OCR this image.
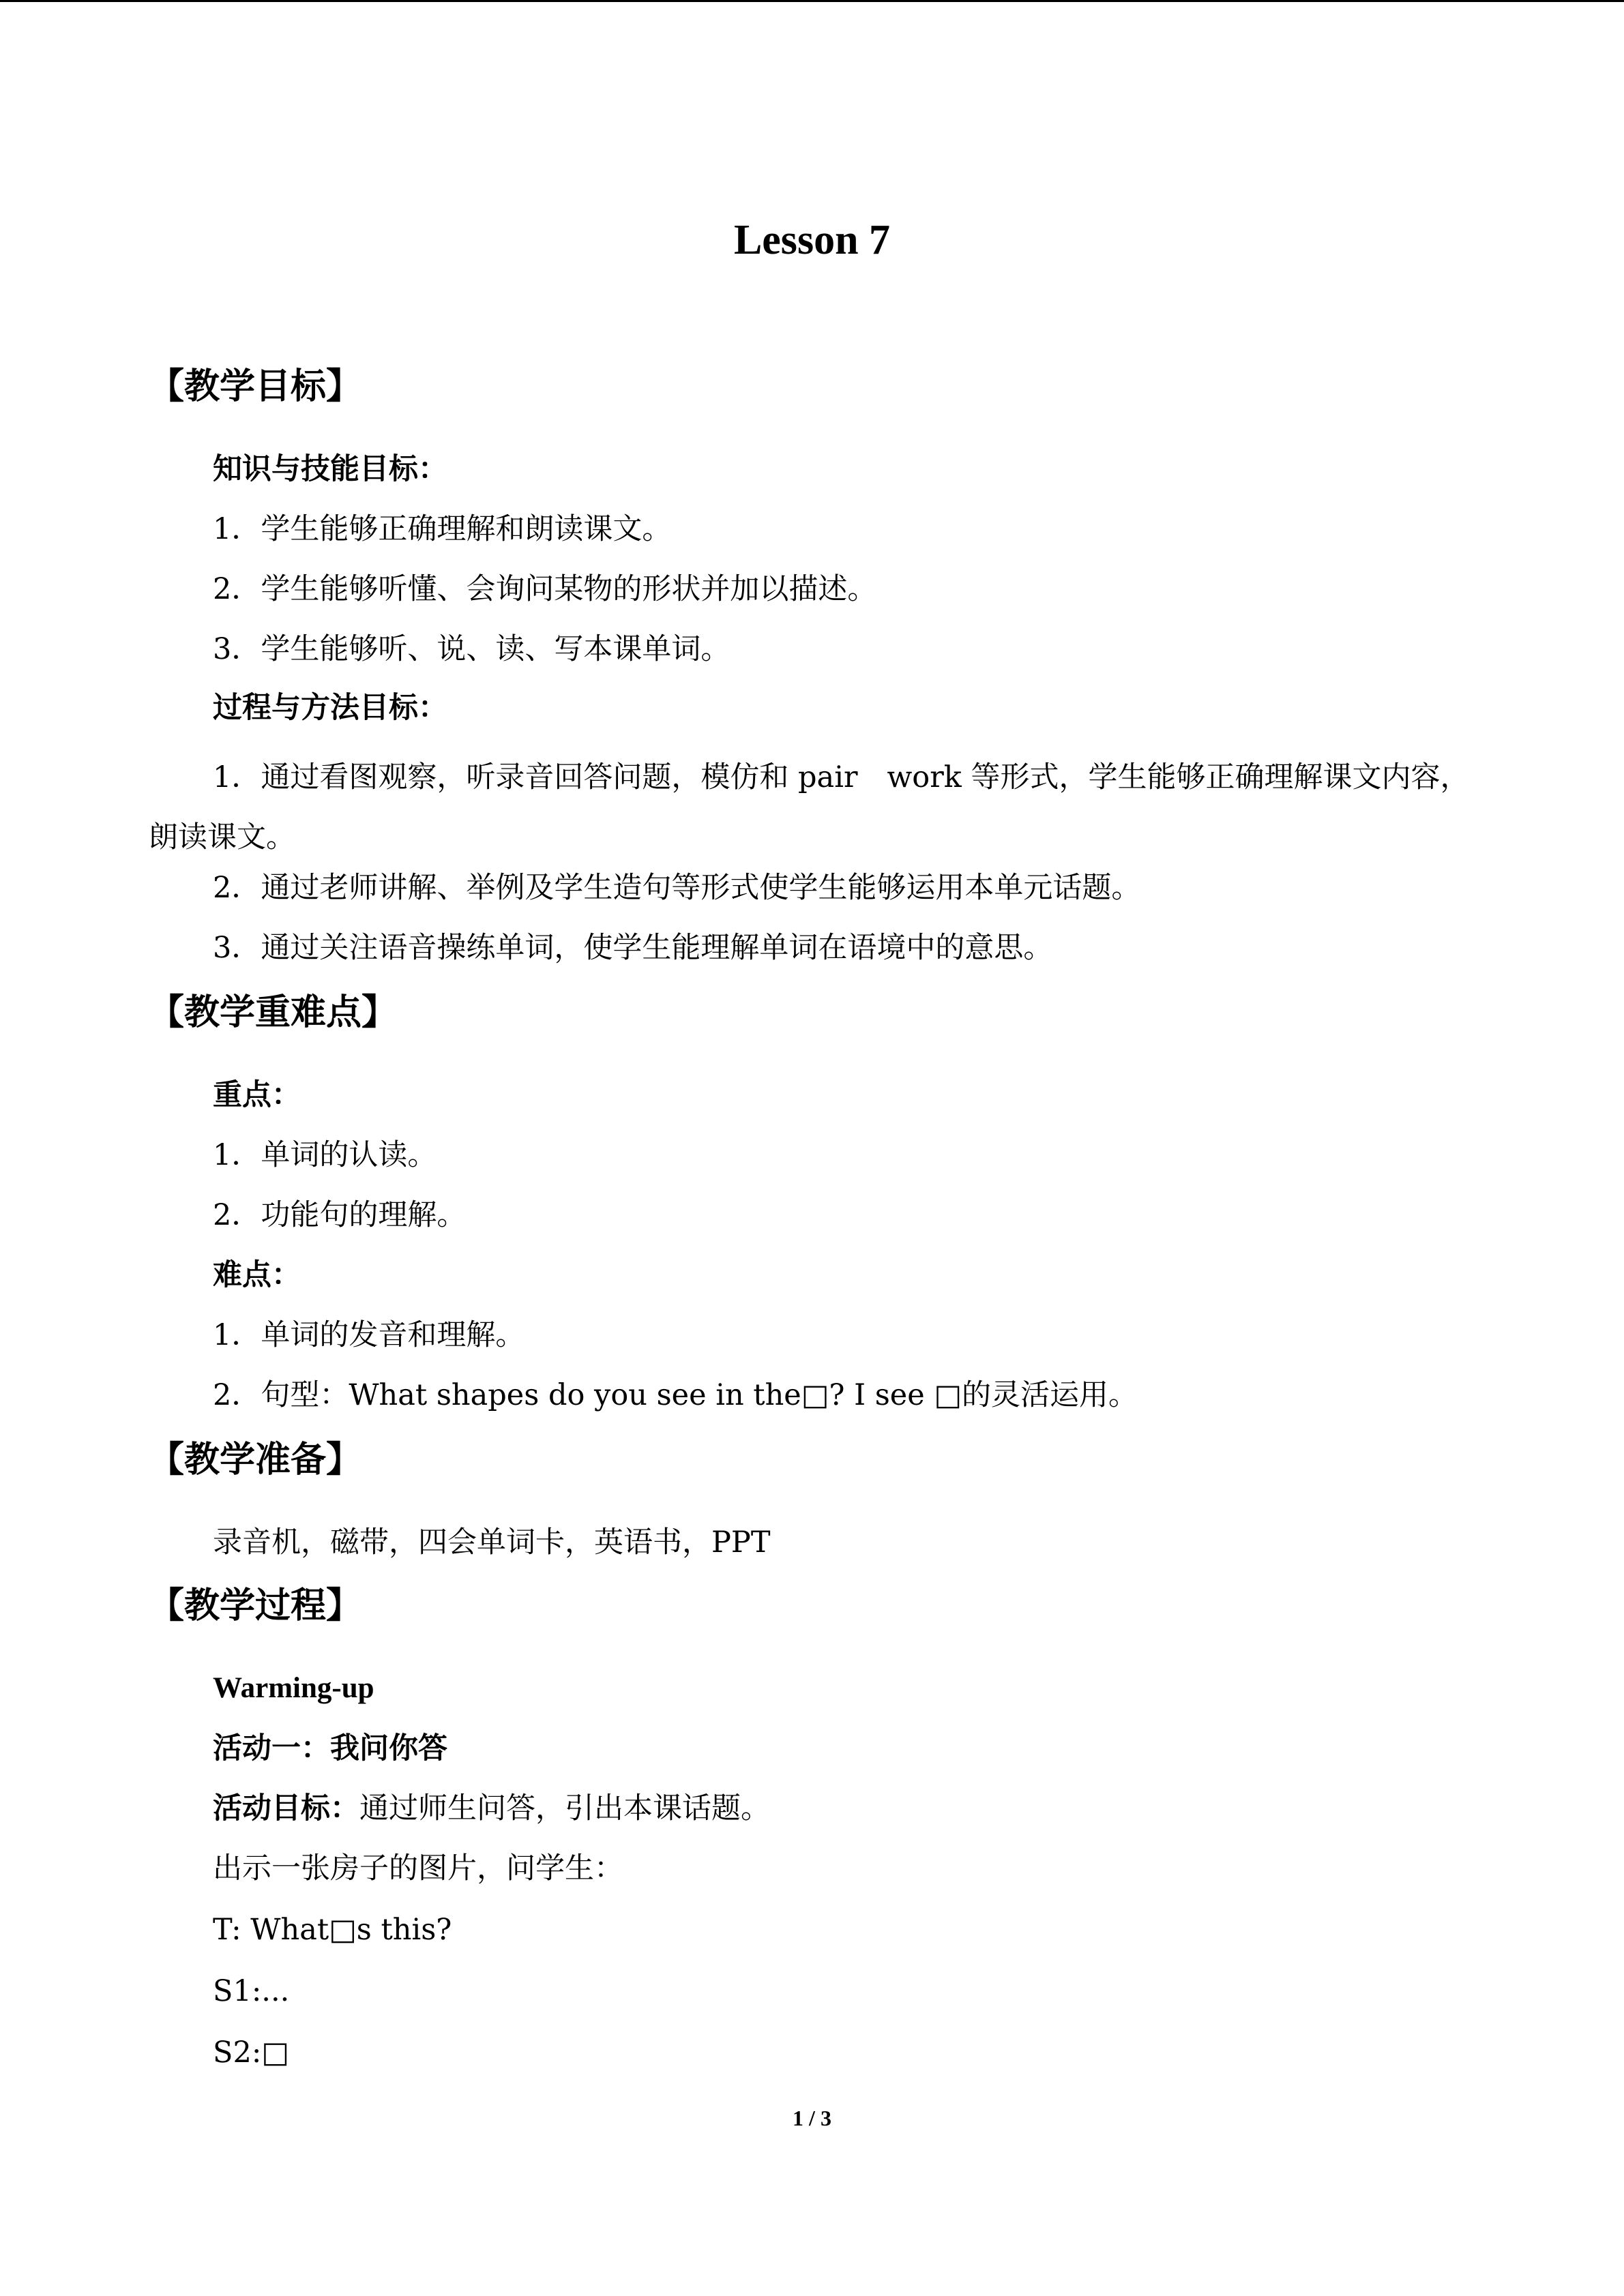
Lesson 7
【教学目标】

知识与技能目标：

1．学生能够正确理解和朗读课文。

2．学生能够听懂、会询问某物的形状并加以描述。

3．学生能够听、说、读、写本课单词。

过程与方法目标：

1．通过看图观察，听录音回答问题，模仿和 pair　work 等形式，学生能够正确理解课文内容，朗读课文。

2．通过老师讲解、举例及学生造句等形式使学生能够运用本单元话题。

3．通过关注语音操练单词，使学生能理解单词在语境中的意思。

【教学重难点】

重点：

1．单词的认读。

2．功能句的理解。

难点：

1．单词的发音和理解。

2．句型：What shapes do you see in the□? I see □的灵活运用。

【教学准备】

录音机，磁带，四会单词卡，英语书，PPT

【教学过程】

Warming-up

活动一：我问你答

活动目标：通过师生问答，引出本课话题。

出示一张房子的图片，问学生：

T: What□s this?

S1:...

S2:□

1 / 3
